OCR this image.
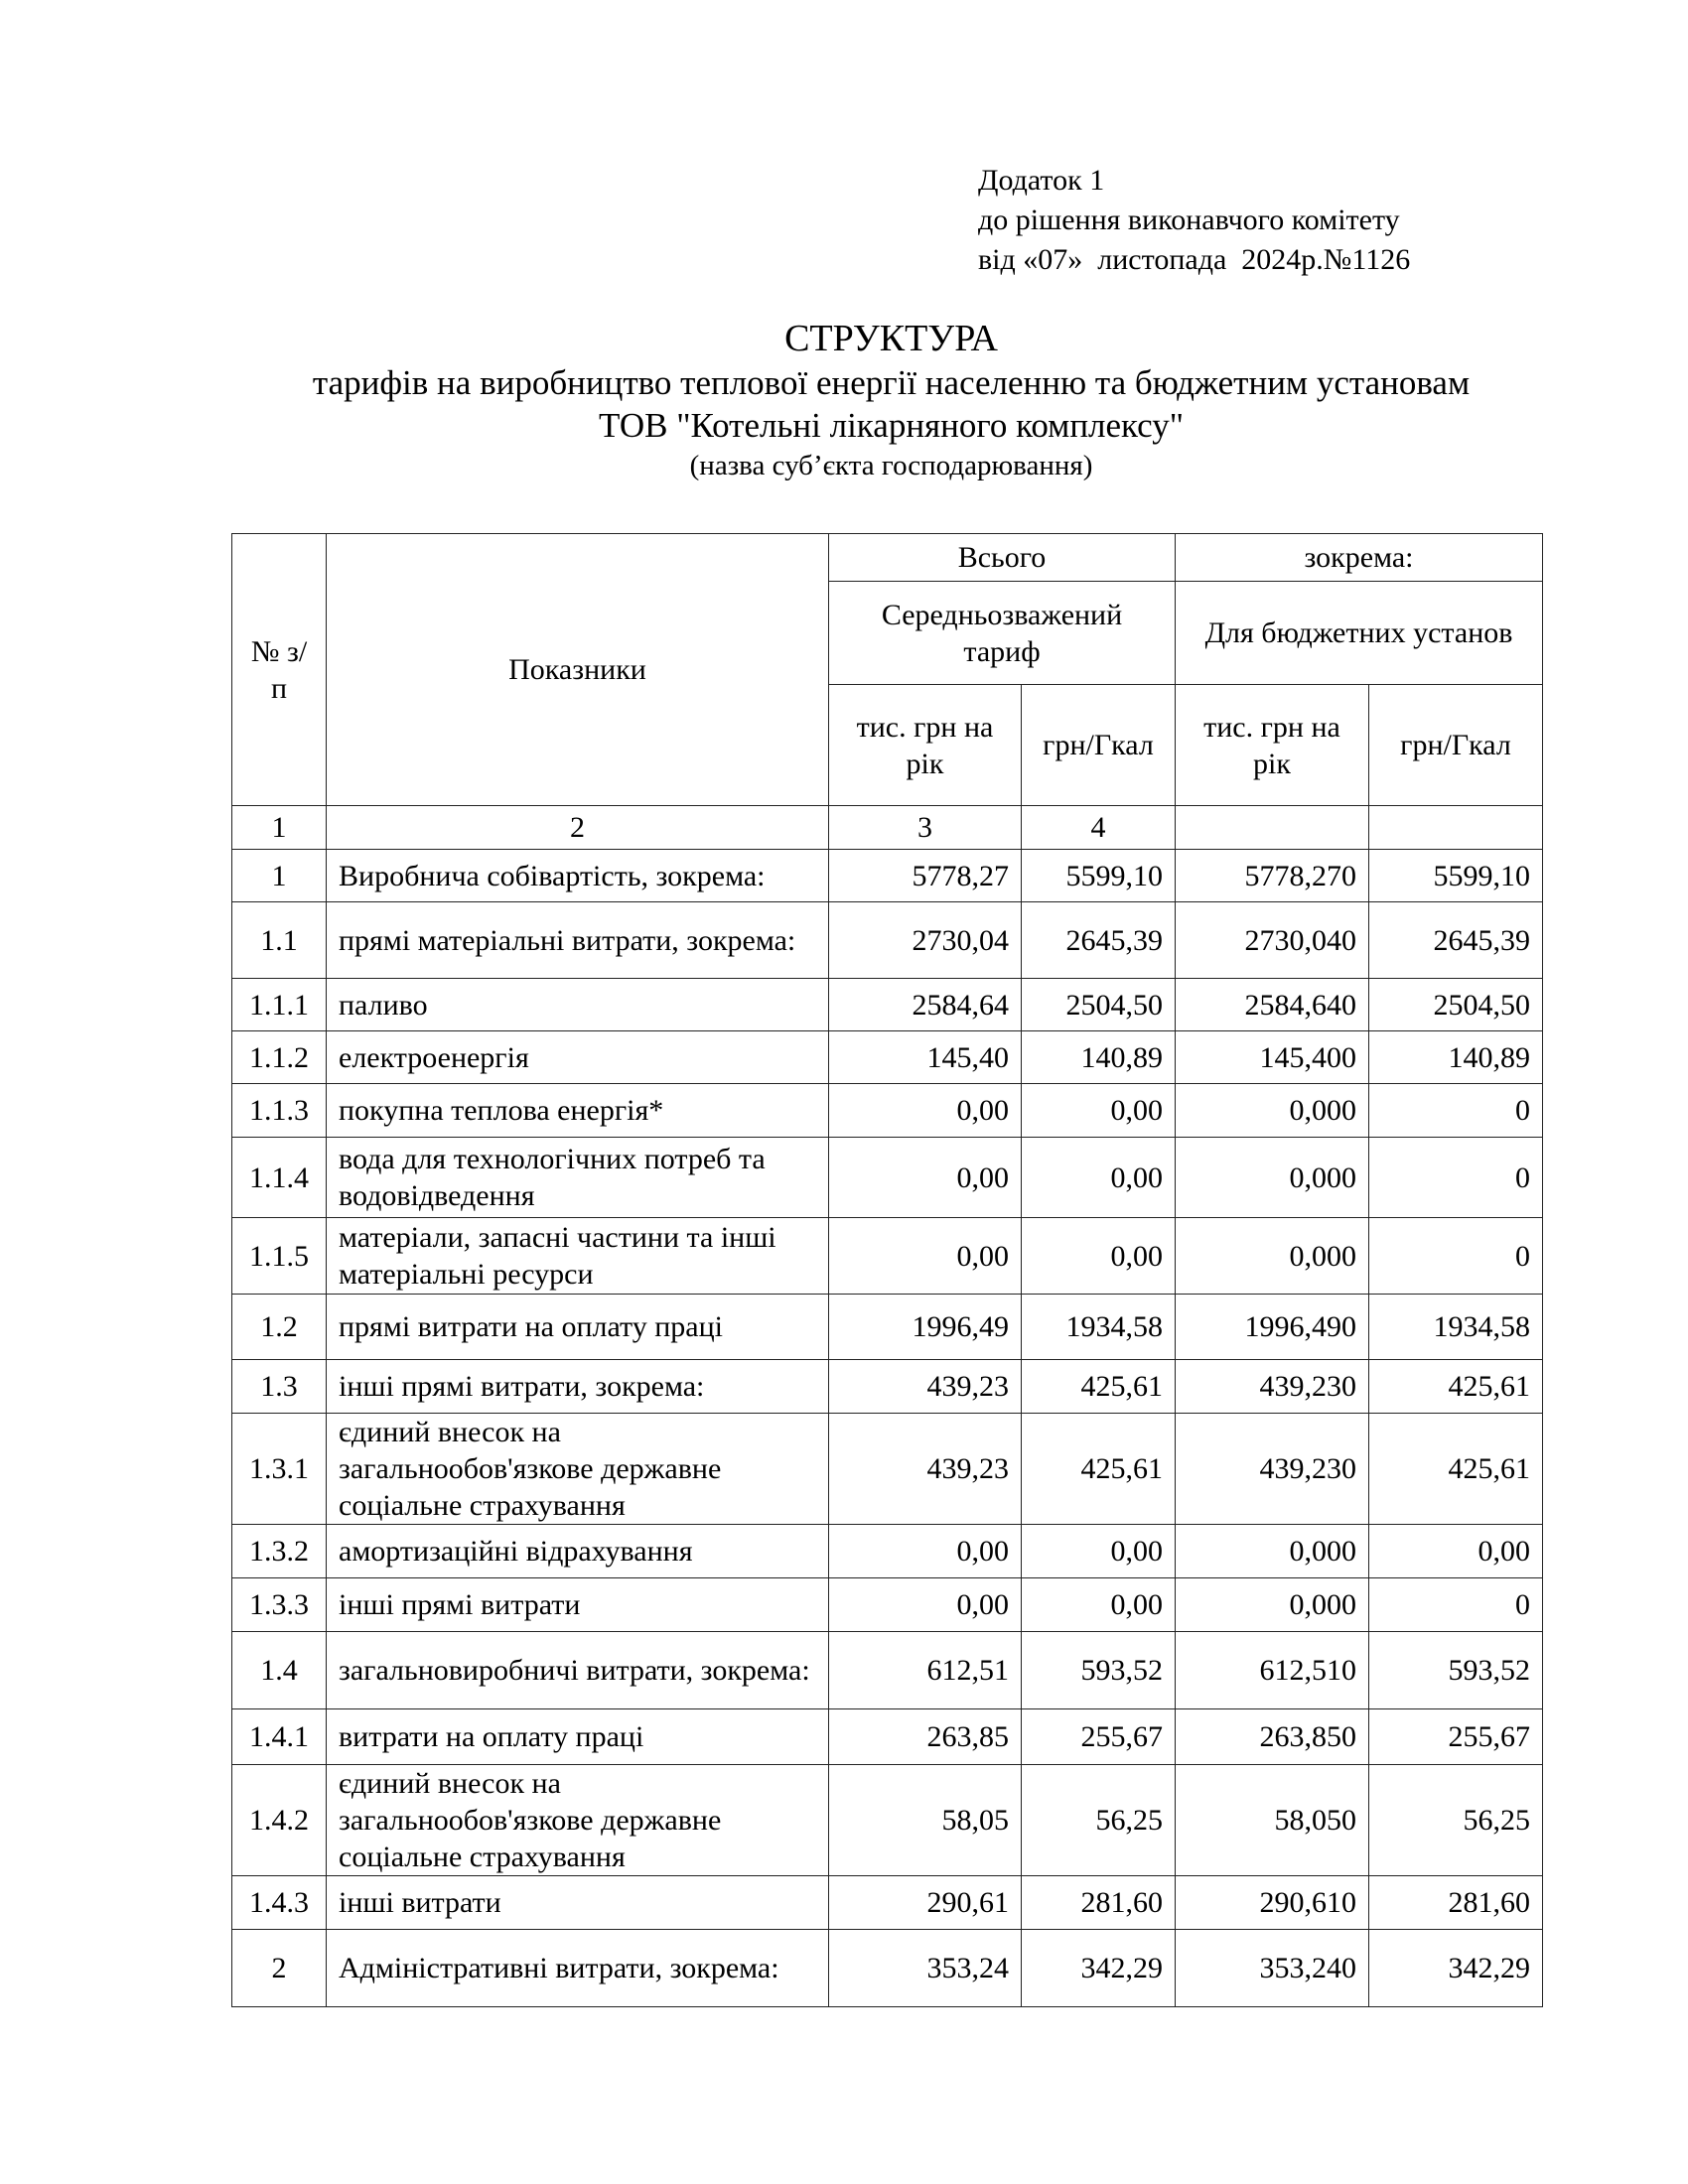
Додаток 1
до рішення виконавчого комітету
від «07»  листопада  2024р.№1126
СТРУКТУРА
тарифів на виробництво теплової енергії населенню та бюджетним установам
ТОВ "Котельні лікарняного комплексу"
(назва суб’єкта господарювання)
№ з/п	Показники	Всього		зокрема:	
		Середньозважений тариф		Для бюджетних установ	
		тис. грн на рік	грн/Гкал	тис. грн на рік	грн/Гкал
1	2	3	4		
1	Виробнича собівартість, зокрема:	5778,27	5599,10	5778,270	5599,10
1.1	прямі матеріальні витрати, зокрема:	2730,04	2645,39	2730,040	2645,39
1.1.1	паливо	2584,64	2504,50	2584,640	2504,50
1.1.2	електроенергія	145,40	140,89	145,400	140,89
1.1.3	покупна теплова енергія*	0,00	0,00	0,000	0
1.1.4	вода для технологічних потреб та водовідведення	0,00	0,00	0,000	0
1.1.5	матеріали, запасні частини та інші матеріальні ресурси	0,00	0,00	0,000	0
1.2	прямі витрати на оплату праці	1996,49	1934,58	1996,490	1934,58
1.3	інші прямі витрати, зокрема:	439,23	425,61	439,230	425,61
1.3.1	єдиний внесок на загальнообов'язкове державне соціальне страхування	439,23	425,61	439,230	425,61
1.3.2	амортизаційні відрахування	0,00	0,00	0,000	0,00
1.3.3	інші прямі витрати	0,00	0,00	0,000	0
1.4	загальновиробничі витрати, зокрема:	612,51	593,52	612,510	593,52
1.4.1	витрати на оплату праці	263,85	255,67	263,850	255,67
1.4.2	єдиний внесок на загальнообов'язкове державне соціальне страхування	58,05	56,25	58,050	56,25
1.4.3	інші витрати	290,61	281,60	290,610	281,60
2	Адміністративні витрати, зокрема:	353,24	342,29	353,240	342,29
